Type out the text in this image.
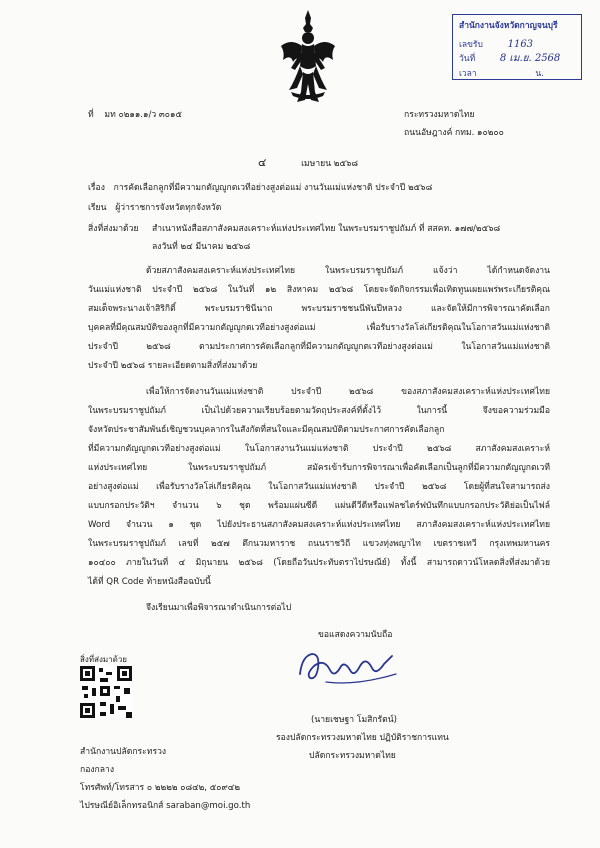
สำนักงานจังหวัดกาญจนบุรี
เลขรับ 1163
วันที่ 8 เม.ย. 2568
เวลา	น.
ที่ มท ๐๒๑๑.๑/ว ๓๐๑๕	กระทรวงมหาดไทย
ถนนอัษฎางค์ กทม. ๑๐๒๐๐
๔	เมษายน ๒๕๖๘
เรื่อง การคัดเลือกลูกที่มีความกตัญญูกตเวทีอย่างสูงต่อแม่ งานวันแม่แห่งชาติ ประจำปี ๒๕๖๘
เรียน ผู้ว่าราชการจังหวัดทุกจังหวัด
สิ่งที่ส่งมาด้วย สำเนาหนังสือสภาสังคมสงเคราะห์แห่งประเทศไทย ในพระบรมราชูปถัมภ์ ที่ สสคท. ๑๗๗/๒๕๖๘
ลงวันที่ ๒๔ มีนาคม ๒๕๖๘
ด้วยสภาสังคมสงเคราะห์แห่งประเทศไทย ในพระบรมราชูปถัมภ์ แจ้งว่า ได้กำหนดจัดงาน
วันแม่แห่งชาติ ประจำปี ๒๕๖๘ ในวันที่ ๑๒ สิงหาคม ๒๕๖๘ โดยจะจัดกิจกรรมเพื่อเทิดทูนเผยแพร่พระเกียรติคุณ
สมเด็จพระนางเจ้าสิริกิติ์ พระบรมราชินีนาถ พระบรมราชชนนีพันปีหลวง และจัดให้มีการพิจารณาคัดเลือก
บุคคลที่มีคุณสมบัติของลูกที่มีความกตัญญูกตเวทีอย่างสูงต่อแม่ เพื่อรับรางวัลโล่เกียรติคุณในโอกาสวันแม่แห่งชาติ
ประจำปี ๒๕๖๘ ตามประกาศการคัดเลือกลูกที่มีความกตัญญูกตเวทีอย่างสูงต่อแม่ ในโอกาสวันแม่แห่งชาติ
ประจำปี ๒๕๖๘ รายละเอียดตามสิ่งที่ส่งมาด้วย
เพื่อให้การจัดงานวันแม่แห่งชาติ ประจำปี ๒๕๖๘ ของสภาสังคมสงเคราะห์แห่งประเทศไทย
ในพระบรมราชูปถัมภ์ เป็นไปด้วยความเรียบร้อยตามวัตถุประสงค์ที่ตั้งไว้ ในการนี้ จึงขอความร่วมมือ
จังหวัดประชาสัมพันธ์เชิญชวนบุคลากรในสังกัดที่สนใจและมีคุณสมบัติตามประกาศการคัดเลือกลูก
ที่มีความกตัญญูกตเวทีอย่างสูงต่อแม่ ในโอกาสงานวันแม่แห่งชาติ ประจำปี ๒๕๖๘ สภาสังคมสงเคราะห์
แห่งประเทศไทย ในพระบรมราชูปถัมภ์ สมัครเข้ารับการพิจารณาเพื่อคัดเลือกเป็นลูกที่มีความกตัญญูกตเวที
อย่างสูงต่อแม่ เพื่อรับรางวัลโล่เกียรติคุณ ในโอกาสวันแม่แห่งชาติ ประจำปี ๒๕๖๘ โดยผู้ที่สนใจสามารถส่ง
แบบกรอกประวัติฯ จำนวน ๖ ชุด พร้อมแผ่นซีดี แผ่นดีวีดีหรือแฟลชไดร์ฟบันทึกแบบกรอกประวัติย่อเป็นไฟล์
Word จำนวน ๑ ชุด ไปยังประธานสภาสังคมสงเคราะห์แห่งประเทศไทย สภาสังคมสงเคราะห์แห่งประเทศไทย
ในพระบรมราชูปถัมภ์ เลขที่ ๒๕๗ ตึกนวมหาราช ถนนราชวิถี แขวงทุ่งพญาไท เขตราชเทวี กรุงเทพมหานคร
๑๐๔๐๐ ภายในวันที่ ๔ มิถุนายน ๒๕๖๘ (โดยถือวันประทับตราไปรษณีย์) ทั้งนี้ สามารถดาวน์โหลดสิ่งที่ส่งมาด้วย
ได้ที่ QR Code ท้ายหนังสือฉบับนี้
จึงเรียนมาเพื่อพิจารณาดำเนินการต่อไป
ขอแสดงความนับถือ
(นายเชษฐา โมสิกรัตน์)
รองปลัดกระทรวงมหาดไทย ปฏิบัติราชการแทน
ปลัดกระทรวงมหาดไทย
สิ่งที่ส่งมาด้วย
สำนักงานปลัดกระทรวง
กองกลาง
โทรศัพท์/โทรสาร ๐ ๒๒๒๒ ๐๘๔๒, ๕๐๙๔๒
ไปรษณีย์อิเล็กทรอนิกส์ saraban@moi.go.th
